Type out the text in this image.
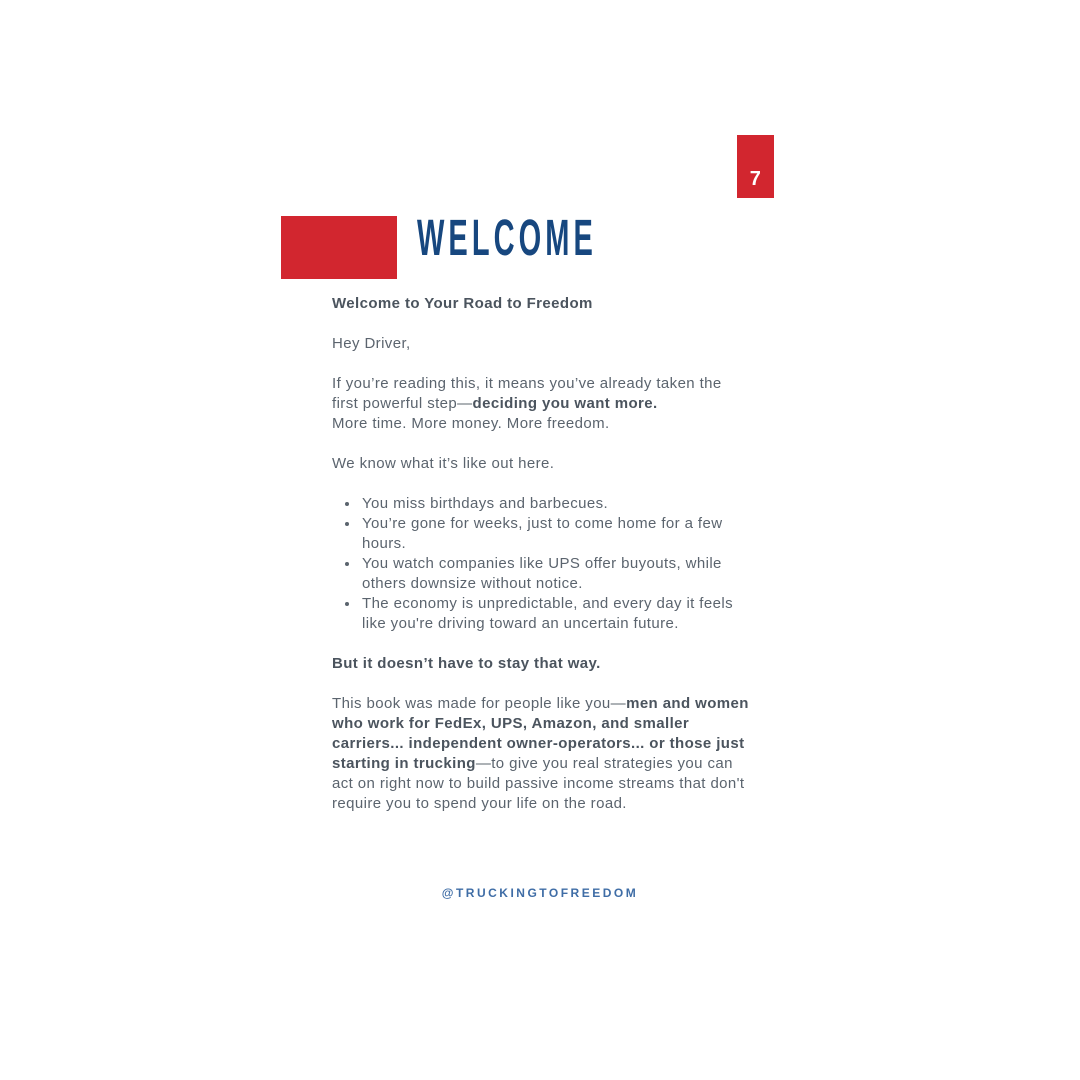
7
WELCOME

Welcome to Your Road to Freedom

Hey Driver,

If you’re reading this, it means you’ve already taken the first powerful step—deciding you want more.
More time. More money. More freedom.

We know what it’s like out here.

• You miss birthdays and barbecues.
• You’re gone for weeks, just to come home for a few hours.
• You watch companies like UPS offer buyouts, while others downsize without notice.
• The economy is unpredictable, and every day it feels like you're driving toward an uncertain future.

But it doesn’t have to stay that way.

This book was made for people like you—men and women who work for FedEx, UPS, Amazon, and smaller carriers... independent owner-operators... or those just starting in trucking—to give you real strategies you can act on right now to build passive income streams that don't require you to spend your life on the road.

@TRUCKINGTOFREEDOM
